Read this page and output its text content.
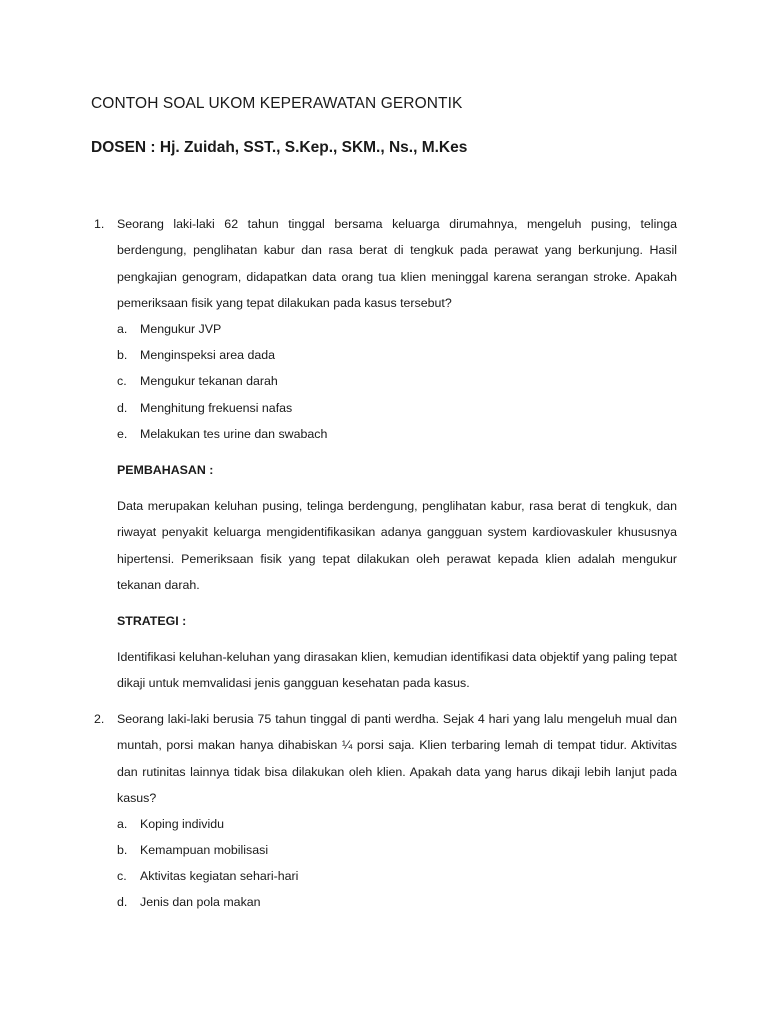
CONTOH SOAL UKOM KEPERAWATAN GERONTIK
DOSEN : Hj. Zuidah, SST., S.Kep., SKM., Ns., M.Kes
1. Seorang laki-laki 62 tahun tinggal bersama keluarga dirumahnya, mengeluh pusing, telinga berdengung, penglihatan kabur dan rasa berat di tengkuk pada perawat yang berkunjung. Hasil pengkajian genogram, didapatkan data orang tua klien meninggal karena serangan stroke. Apakah pemeriksaan fisik yang tepat dilakukan pada kasus tersebut?
a. Mengukur JVP
b. Menginspeksi area dada
c. Mengukur tekanan darah
d. Menghitung frekuensi nafas
e. Melakukan tes urine dan swabach
PEMBAHASAN :
Data merupakan keluhan pusing, telinga berdengung, penglihatan kabur, rasa berat di tengkuk, dan riwayat penyakit keluarga mengidentifikasikan adanya gangguan system kardiovaskuler khususnya hipertensi. Pemeriksaan fisik yang tepat dilakukan oleh perawat kepada klien adalah mengukur tekanan darah.
STRATEGI :
Identifikasi keluhan-keluhan yang dirasakan klien, kemudian identifikasi data objektif yang paling tepat dikaji untuk memvalidasi jenis gangguan kesehatan pada kasus.
2. Seorang laki-laki berusia 75 tahun tinggal di panti werdha. Sejak 4 hari yang lalu mengeluh mual dan muntah, porsi makan hanya dihabiskan ¼ porsi saja. Klien terbaring lemah di tempat tidur. Aktivitas dan rutinitas lainnya tidak bisa dilakukan oleh klien. Apakah data yang harus dikaji lebih lanjut pada kasus?
a. Koping individu
b. Kemampuan mobilisasi
c. Aktivitas kegiatan sehari-hari
d. Jenis dan pola makan
